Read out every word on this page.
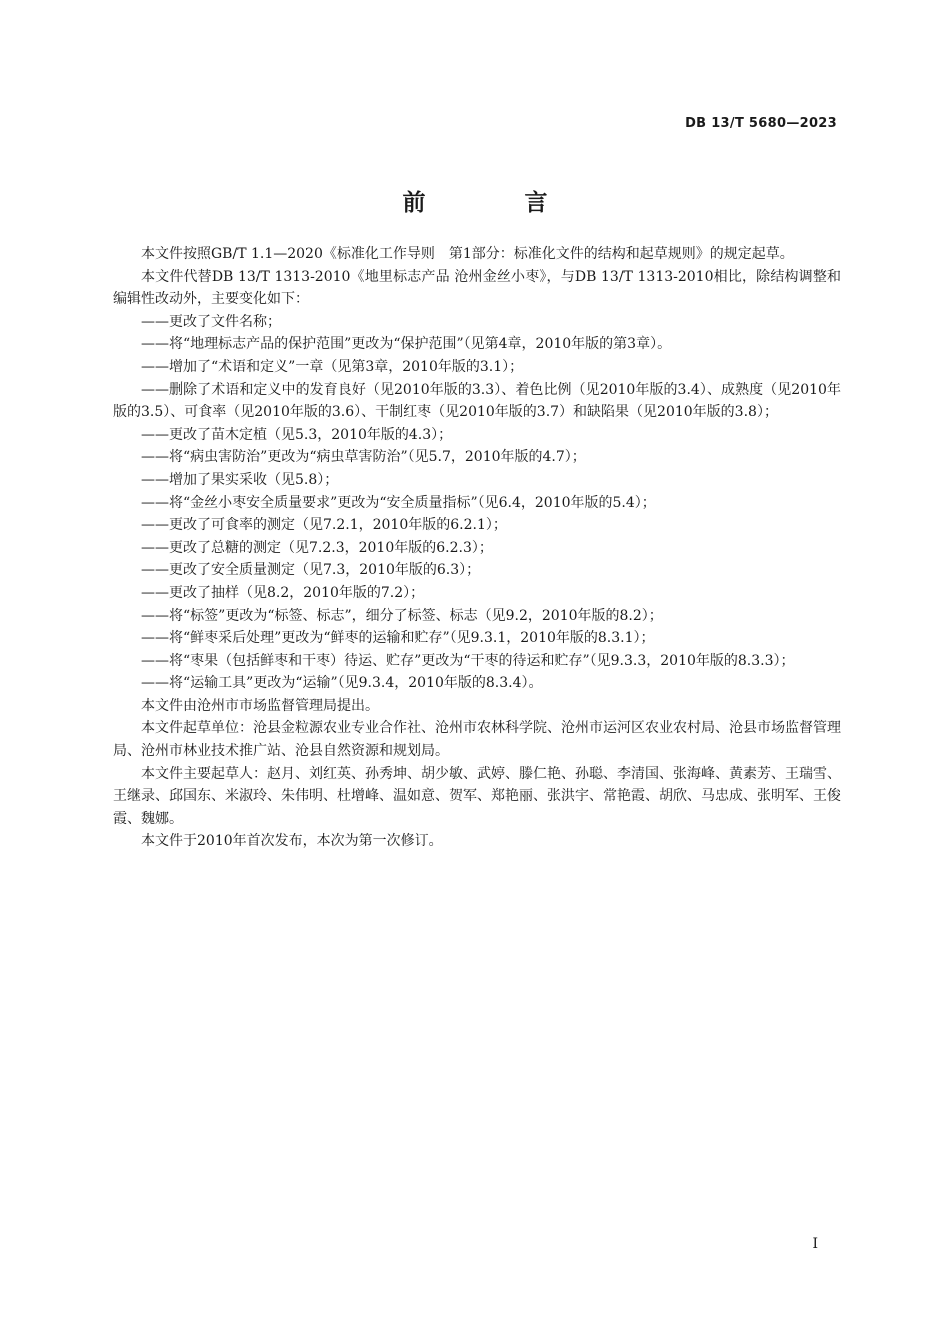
DB 13/T 5680—2023
前　言

本文件按照GB/T 1.1—2020《标准化工作导则　第1部分：标准化文件的结构和起草规则》的规定起草。

本文件代替DB 13/T 1313-2010《地里标志产品 沧州金丝小枣》，与DB 13/T 1313-2010相比，除结构调整和编辑性改动外，主要变化如下：

——更改了文件名称；

——将“地理标志产品的保护范围”更改为“保护范围”（见第4章，2010年版的第3章）。

——增加了“术语和定义”一章（见第3章，2010年版的3.1）；

——删除了术语和定义中的发育良好（见2010年版的3.3）、着色比例（见2010年版的3.4）、成熟度（见2010年版的3.5）、可食率（见2010年版的3.6）、干制红枣（见2010年版的3.7）和缺陷果（见2010年版的3.8）；

——更改了苗木定植（见5.3，2010年版的4.3）；

——将“病虫害防治”更改为“病虫草害防治”（见5.7，2010年版的4.7）；

——增加了果实采收（见5.8）；

——将“金丝小枣安全质量要求”更改为“安全质量指标”（见6.4，2010年版的5.4）；

——更改了可食率的测定（见7.2.1，2010年版的6.2.1）；

——更改了总糖的测定（见7.2.3，2010年版的6.2.3）；

——更改了安全质量测定（见7.3，2010年版的6.3）；

——更改了抽样（见8.2，2010年版的7.2）；

——将“标签”更改为“标签、标志”，细分了标签、标志（见9.2，2010年版的8.2）；

——将“鲜枣采后处理”更改为“鲜枣的运输和贮存”（见9.3.1，2010年版的8.3.1）；

——将“枣果（包括鲜枣和干枣）待运、贮存”更改为“干枣的待运和贮存”（见9.3.3，2010年版的8.3.3）；

——将“运输工具”更改为“运输”（见9.3.4，2010年版的8.3.4）。

本文件由沧州市市场监督管理局提出。

本文件起草单位：沧县金粒源农业专业合作社、沧州市农林科学院、沧州市运河区农业农村局、沧县市场监督管理局、沧州市林业技术推广站、沧县自然资源和规划局。

本文件主要起草人：赵月、刘红英、孙秀坤、胡少敏、武婷、滕仁艳、孙聪、李清国、张海峰、黄素芳、王瑞雪、王继录、邱国东、米淑玲、朱伟明、杜增峰、温如意、贺军、郑艳丽、张洪宇、常艳霞、胡欣、马忠成、张明军、王俊霞、魏娜。

本文件于2010年首次发布，本次为第一次修订。

I
